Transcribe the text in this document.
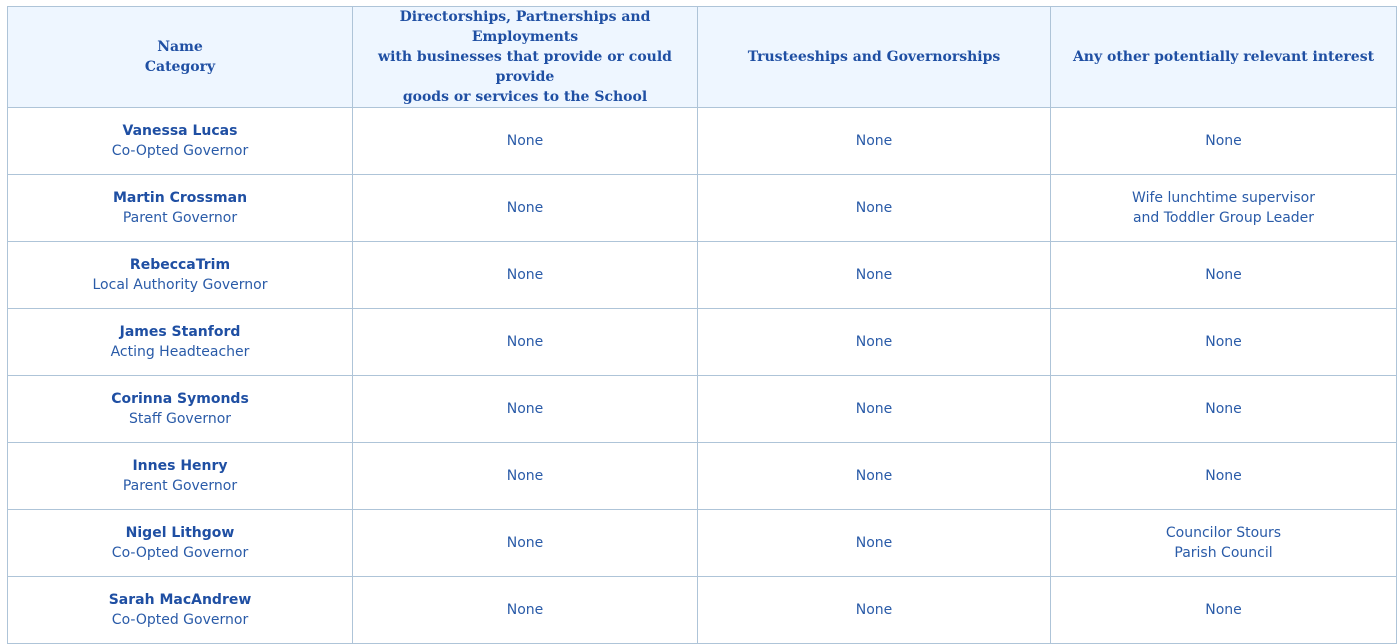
Name
Category	Directorships, Partnerships and Employments
with businesses that provide or could provide
goods or services to the School	Trusteeships and Governorships	Any other potentially relevant interest

Vanessa Lucas
Co-Opted Governor	None	None	None

Martin Crossman
Parent Governor	None	None	Wife lunchtime supervisor
and Toddler Group Leader

RebeccaTrim
Local Authority Governor	None	None	None

James Stanford
Acting Headteacher	None	None	None

Corinna Symonds
Staff Governor	None	None	None

Innes Henry
Parent Governor	None	None	None

Nigel Lithgow
Co-Opted Governor	None	None	Councilor Stours
Parish Council

Sarah MacAndrew
Co-Opted Governor	None	None	None
